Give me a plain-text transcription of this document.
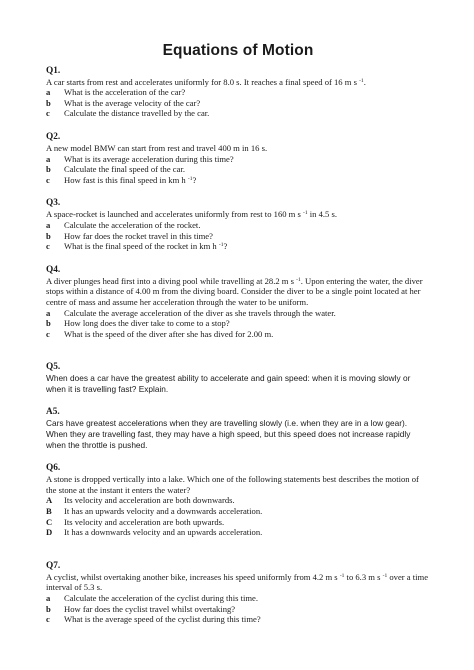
Equations of Motion
Q1.
A car starts from rest and accelerates uniformly for 8.0 s. It reaches a final speed of 16 m s $^{-1}$.
a	What is the acceleration of the car?
b	What is the average velocity of the car?
c	Calculate the distance travelled by the car.
Q2.
A new model BMW can start from rest and travel 400 m in 16 s.
a	What is its average acceleration during this time?
b	Calculate the final speed of the car.
c	How fast is this final speed in km h $^{-1}$?
Q3.
A space-rocket is launched and accelerates uniformly from rest to 160 m s $^{-1}$ in 4.5 s.
a	Calculate the acceleration of the rocket.
b	How far does the rocket travel in this time?
c	What is the final speed of the rocket in km h $^{-1}$?
Q4.
A diver plunges head first into a diving pool while travelling at 28.2 m s $^{-1}$. Upon entering the water, the diver stops within a distance of 4.00 m from the diving board. Consider the diver to be a single point located at her centre of mass and assume her acceleration through the water to be uniform.
a	Calculate the average acceleration of the diver as she travels through the water.
b	How long does the diver take to come to a stop?
c	What is the speed of the diver after she has dived for 2.00 m.
Q5.
When does a car have the greatest ability to accelerate and gain speed: when it is moving slowly or when it is travelling fast? Explain.
A5.
Cars have greatest accelerations when they are travelling slowly (i.e. when they are in a low gear). When they are travelling fast, they may have a high speed, but this speed does not increase rapidly when the throttle is pushed.
Q6.
A stone is dropped vertically into a lake. Which one of the following statements best describes the motion of the stone at the instant it enters the water?
A	Its velocity and acceleration are both downwards.
B	It has an upwards velocity and a downwards acceleration.
C	Its velocity and acceleration are both upwards.
D	It has a downwards velocity and an upwards acceleration.
Q7.
A cyclist, whilst overtaking another bike, increases his speed uniformly from 4.2 m s $^{-1}$ to 6.3 m s $^{-1}$ over a time interval of 5.3 s.
a	Calculate the acceleration of the cyclist during this time.
b	How far does the cyclist travel whilst overtaking?
c	What is the average speed of the cyclist during this time?
